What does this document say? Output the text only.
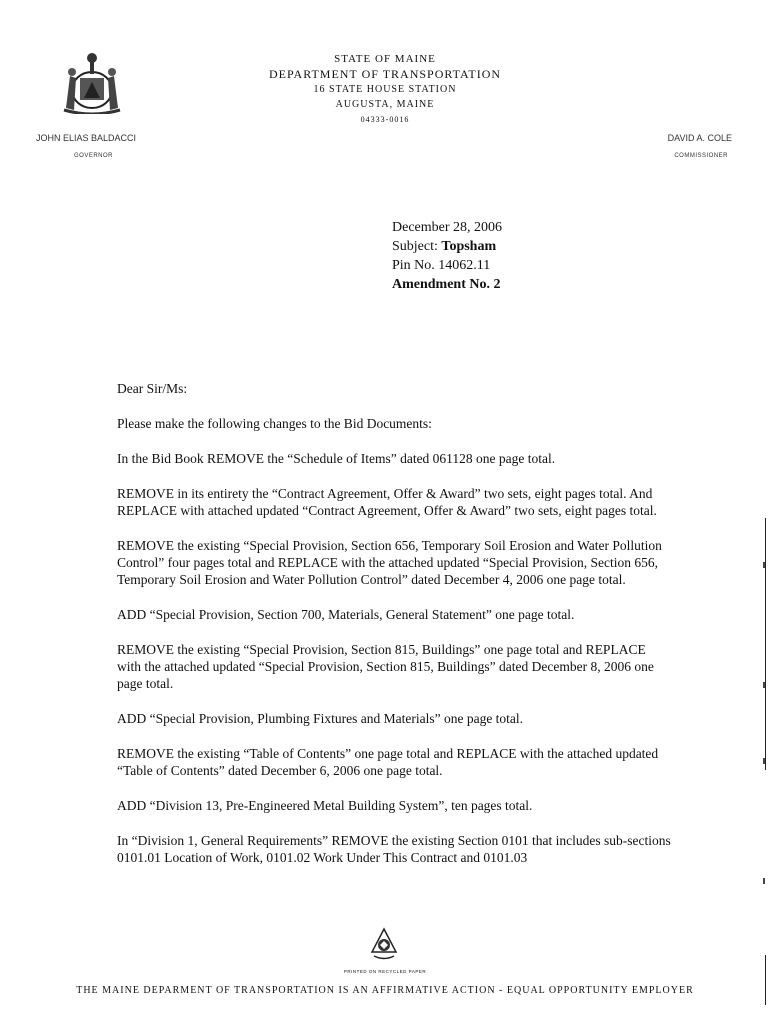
STATE OF MAINE
DEPARTMENT OF TRANSPORTATION
16 STATE HOUSE STATION
AUGUSTA, MAINE
04333-0016
JOHN ELIAS BALDACCI
GOVERNOR
DAVID A. COLE
COMMISSIONER
December 28, 2006
Subject: Topsham
Pin No. 14062.11
Amendment No. 2

Dear Sir/Ms:

Please make the following changes to the Bid Documents:

In the Bid Book REMOVE the “Schedule of Items” dated 061128 one page total.

REMOVE in its entirety the “Contract Agreement, Offer & Award” two sets, eight pages total. And REPLACE with attached updated “Contract Agreement, Offer & Award” two sets, eight pages total.

REMOVE the existing “Special Provision, Section 656, Temporary Soil Erosion and Water Pollution Control” four pages total and REPLACE with the attached updated “Special Provision, Section 656, Temporary Soil Erosion and Water Pollution Control” dated December 4, 2006 one page total.

ADD “Special Provision, Section 700, Materials, General Statement” one page total.

REMOVE the existing “Special Provision, Section 815, Buildings” one page total and REPLACE with the attached updated “Special Provision, Section 815, Buildings” dated December 8, 2006 one page total.

ADD “Special Provision, Plumbing Fixtures and Materials” one page total.

REMOVE the existing “Table of Contents” one page total and REPLACE with the attached updated “Table of Contents” dated December 6, 2006 one page total.

ADD “Division 13, Pre-Engineered Metal Building System”, ten pages total.

In “Division 1, General Requirements” REMOVE the existing Section 0101 that includes sub-sections 0101.01 Location of Work, 0101.02 Work Under This Contract and 0101.03

PRINTED ON RECYCLED PAPER
THE MAINE DEPARMENT OF TRANSPORTATION IS AN AFFIRMATIVE ACTION - EQUAL OPPORTUNITY EMPLOYER
